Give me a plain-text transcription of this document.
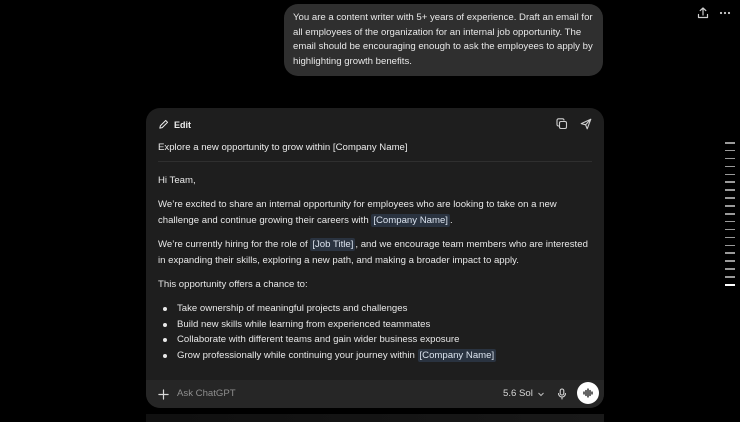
You are a content writer with 5+ years of experience. Draft an email for all employees of the organization for an internal job opportunity. The email should be encouraging enough to ask the employees to apply by highlighting growth benefits.
Edit
Explore a new opportunity to grow within [Company Name]

Hi Team,

We’re excited to share an internal opportunity for employees who are looking to take on a new challenge and continue growing their careers with [Company Name] .

We’re currently hiring for the role of [Job Title] , and we encourage team members who are interested in expanding their skills, exploring a new path, and making a broader impact to apply.

This opportunity offers a chance to:

Take ownership of meaningful projects and challenges
Build new skills while learning from experienced teammates
Collaborate with different teams and gain wider business exposure
Grow professionally while continuing your journey within [Company Name]
Ask ChatGPT	5.6 Sol
